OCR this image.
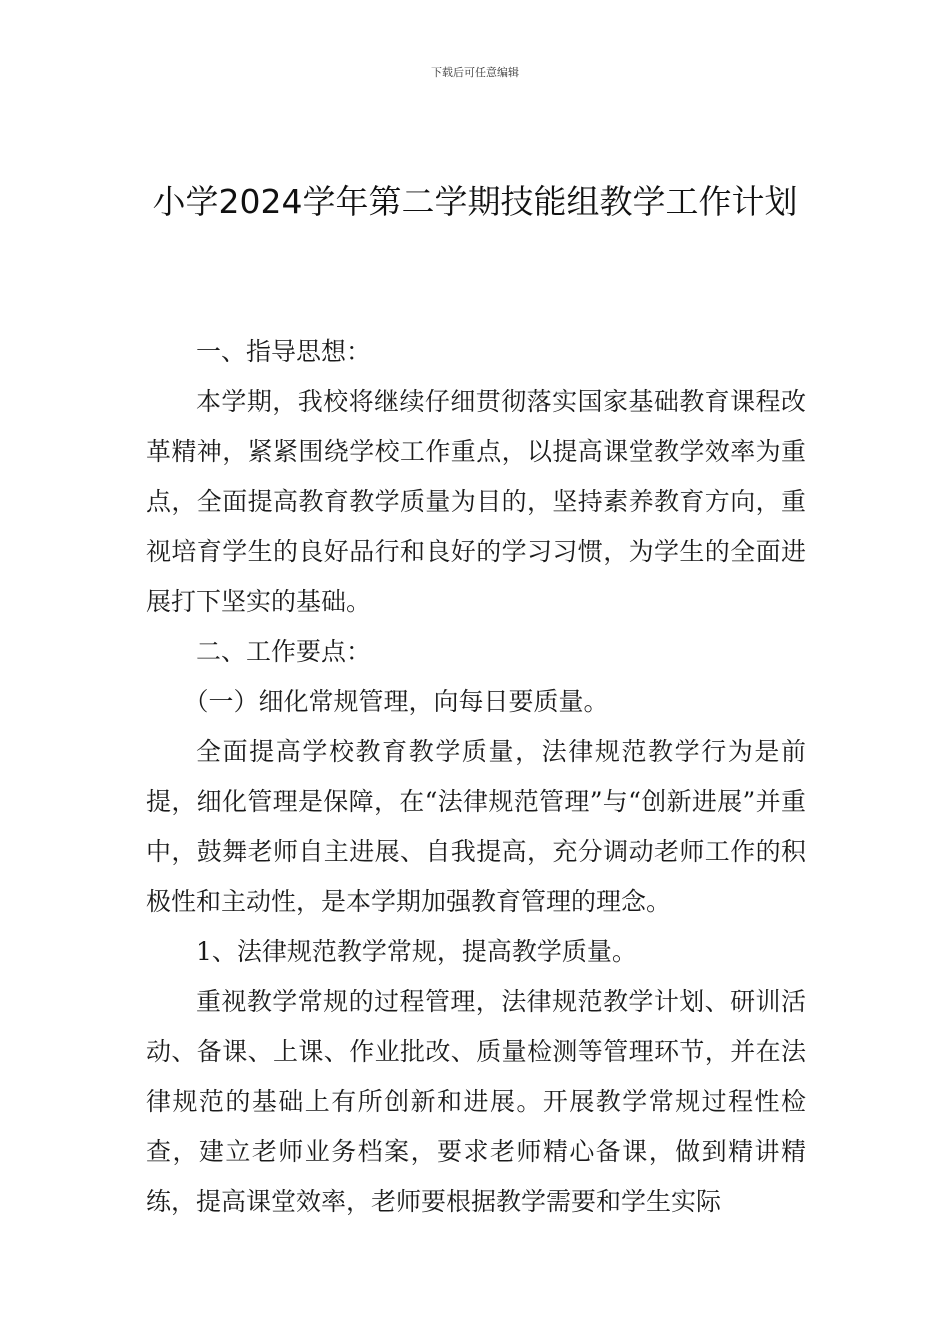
下载后可任意编辑
小学2024学年第二学期技能组教学工作计划

一、指导思想：

本学期，我校将继续仔细贯彻落实国家基础教育课程改革精神，紧紧围绕学校工作重点，以提高课堂教学效率为重点，全面提高教育教学质量为目的，坚持素养教育方向，重视培育学生的良好品行和良好的学习习惯，为学生的全面进展打下坚实的基础。

二、工作要点：

（一）细化常规管理，向每日要质量。

全面提高学校教育教学质量，法律规范教学行为是前提，细化管理是保障，在“法律规范管理”与“创新进展”并重中，鼓舞老师自主进展、自我提高，充分调动老师工作的积极性和主动性，是本学期加强教育管理的理念。

1、法律规范教学常规，提高教学质量。

重视教学常规的过程管理，法律规范教学计划、研训活动、备课、上课、作业批改、质量检测等管理环节，并在法律规范的基础上有所创新和进展。开展教学常规过程性检查，建立老师业务档案，要求老师精心备课，做到精讲精练，提高课堂效率，老师要根据教学需要和学生实际
